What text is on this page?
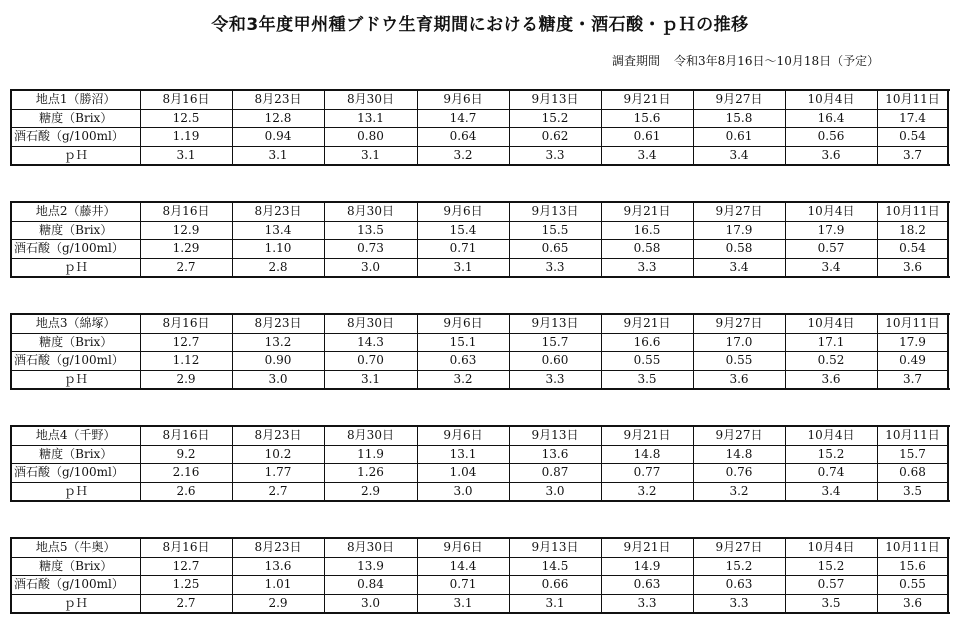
令和3年度甲州種ブドウ生育期間における糖度・酒石酸・ｐＨの推移
調査期間 令和3年8月16日～10月18日（予定）
地点1（勝沼）	8月16日	8月23日	8月30日	9月6日	9月13日	9月21日	9月27日	10月4日	10月11日	
糖度（Brix）	12.5	12.8	13.1	14.7	15.2	15.6	15.8	16.4	17.4	
酒石酸（g/100ml）	1.19	0.94	0.80	0.64	0.62	0.61	0.61	0.56	0.54	
ｐＨ	3.1	3.1	3.1	3.2	3.3	3.4	3.4	3.6	3.7	
地点2（藤井）	8月16日	8月23日	8月30日	9月6日	9月13日	9月21日	9月27日	10月4日	10月11日	
糖度（Brix）	12.9	13.4	13.5	15.4	15.5	16.5	17.9	17.9	18.2	
酒石酸（g/100ml）	1.29	1.10	0.73	0.71	0.65	0.58	0.58	0.57	0.54	
ｐＨ	2.7	2.8	3.0	3.1	3.3	3.3	3.4	3.4	3.6	
地点3（綿塚）	8月16日	8月23日	8月30日	9月6日	9月13日	9月21日	9月27日	10月4日	10月11日	
糖度（Brix）	12.7	13.2	14.3	15.1	15.7	16.6	17.0	17.1	17.9	
酒石酸（g/100ml）	1.12	0.90	0.70	0.63	0.60	0.55	0.55	0.52	0.49	
ｐＨ	2.9	3.0	3.1	3.2	3.3	3.5	3.6	3.6	3.7	
地点4（千野）	8月16日	8月23日	8月30日	9月6日	9月13日	9月21日	9月27日	10月4日	10月11日	
糖度（Brix）	9.2	10.2	11.9	13.1	13.6	14.8	14.8	15.2	15.7	
酒石酸（g/100ml）	2.16	1.77	1.26	1.04	0.87	0.77	0.76	0.74	0.68	
ｐＨ	2.6	2.7	2.9	3.0	3.0	3.2	3.2	3.4	3.5	
地点5（牛奥）	8月16日	8月23日	8月30日	9月6日	9月13日	9月21日	9月27日	10月4日	10月11日	
糖度（Brix）	12.7	13.6	13.9	14.4	14.5	14.9	15.2	15.2	15.6	
酒石酸（g/100ml）	1.25	1.01	0.84	0.71	0.66	0.63	0.63	0.57	0.55	
ｐＨ	2.7	2.9	3.0	3.1	3.1	3.3	3.3	3.5	3.6	
